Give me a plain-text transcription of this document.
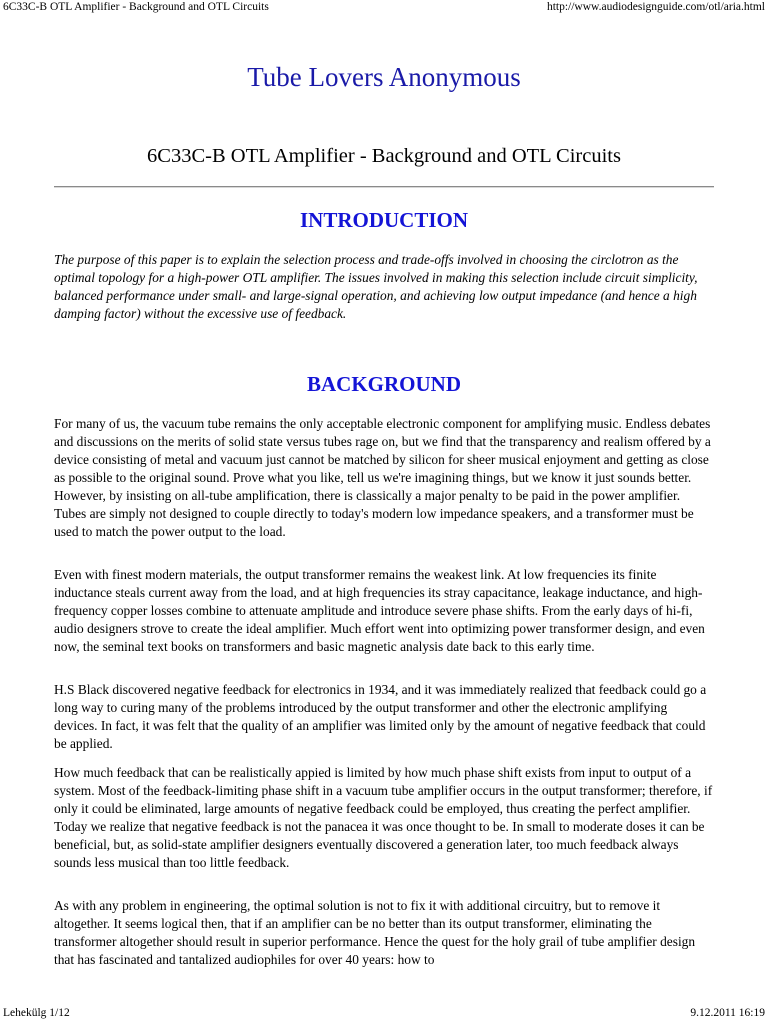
6C33C-B OTL Amplifier - Background and OTL Circuits	http://www.audiodesignguide.com/otl/aria.html
Tube Lovers Anonymous
6C33C-B OTL Amplifier - Background and OTL Circuits
INTRODUCTION

The purpose of this paper is to explain the selection process and trade-offs involved in choosing the circlotron as the optimal topology for a high-power OTL amplifier. The issues involved in making this selection include circuit simplicity, balanced performance under small- and large-signal operation, and achieving low output impedance (and hence a high damping factor) without the excessive use of feedback.

BACKGROUND

For many of us, the vacuum tube remains the only acceptable electronic component for amplifying music. Endless debates and discussions on the merits of solid state versus tubes rage on, but we find that the transparency and realism offered by a device consisting of metal and vacuum just cannot be matched by silicon for sheer musical enjoyment and getting as close as possible to the original sound. Prove what you like, tell us we're imagining things, but we know it just sounds better. However, by insisting on all-tube amplification, there is classically a major penalty to be paid in the power amplifier. Tubes are simply not designed to couple directly to today's modern low impedance speakers, and a transformer must be used to match the power output to the load.

Even with finest modern materials, the output transformer remains the weakest link. At low frequencies its finite inductance steals current away from the load, and at high frequencies its stray capacitance, leakage inductance, and high-frequency copper losses combine to attenuate amplitude and introduce severe phase shifts. From the early days of hi-fi, audio designers strove to create the ideal amplifier. Much effort went into optimizing power transformer design, and even now, the seminal text books on transformers and basic magnetic analysis date back to this early time.

H.S Black discovered negative feedback for electronics in 1934, and it was immediately realized that feedback could go a long way to curing many of the problems introduced by the output transformer and other the electronic amplifying devices. In fact, it was felt that the quality of an amplifier was limited only by the amount of negative feedback that could be applied.

How much feedback that can be realistically appied is limited by how much phase shift exists from input to output of a system. Most of the feedback-limiting phase shift in a vacuum tube amplifier occurs in the output transformer; therefore, if only it could be eliminated, large amounts of negative feedback could be employed, thus creating the perfect amplifier. Today we realize that negative feedback is not the panacea it was once thought to be. In small to moderate doses it can be beneficial, but, as solid-state amplifier designers eventually discovered a generation later, too much feedback always sounds less musical than too little feedback.

As with any problem in engineering, the optimal solution is not to fix it with additional circuitry, but to remove it altogether. It seems logical then, that if an amplifier can be no better than its output transformer, eliminating the transformer altogether should result in superior performance. Hence the quest for the holy grail of tube amplifier design that has fascinated and tantalized audiophiles for over 40 years: how to

Lehekülg 1/12	9.12.2011 16:19
